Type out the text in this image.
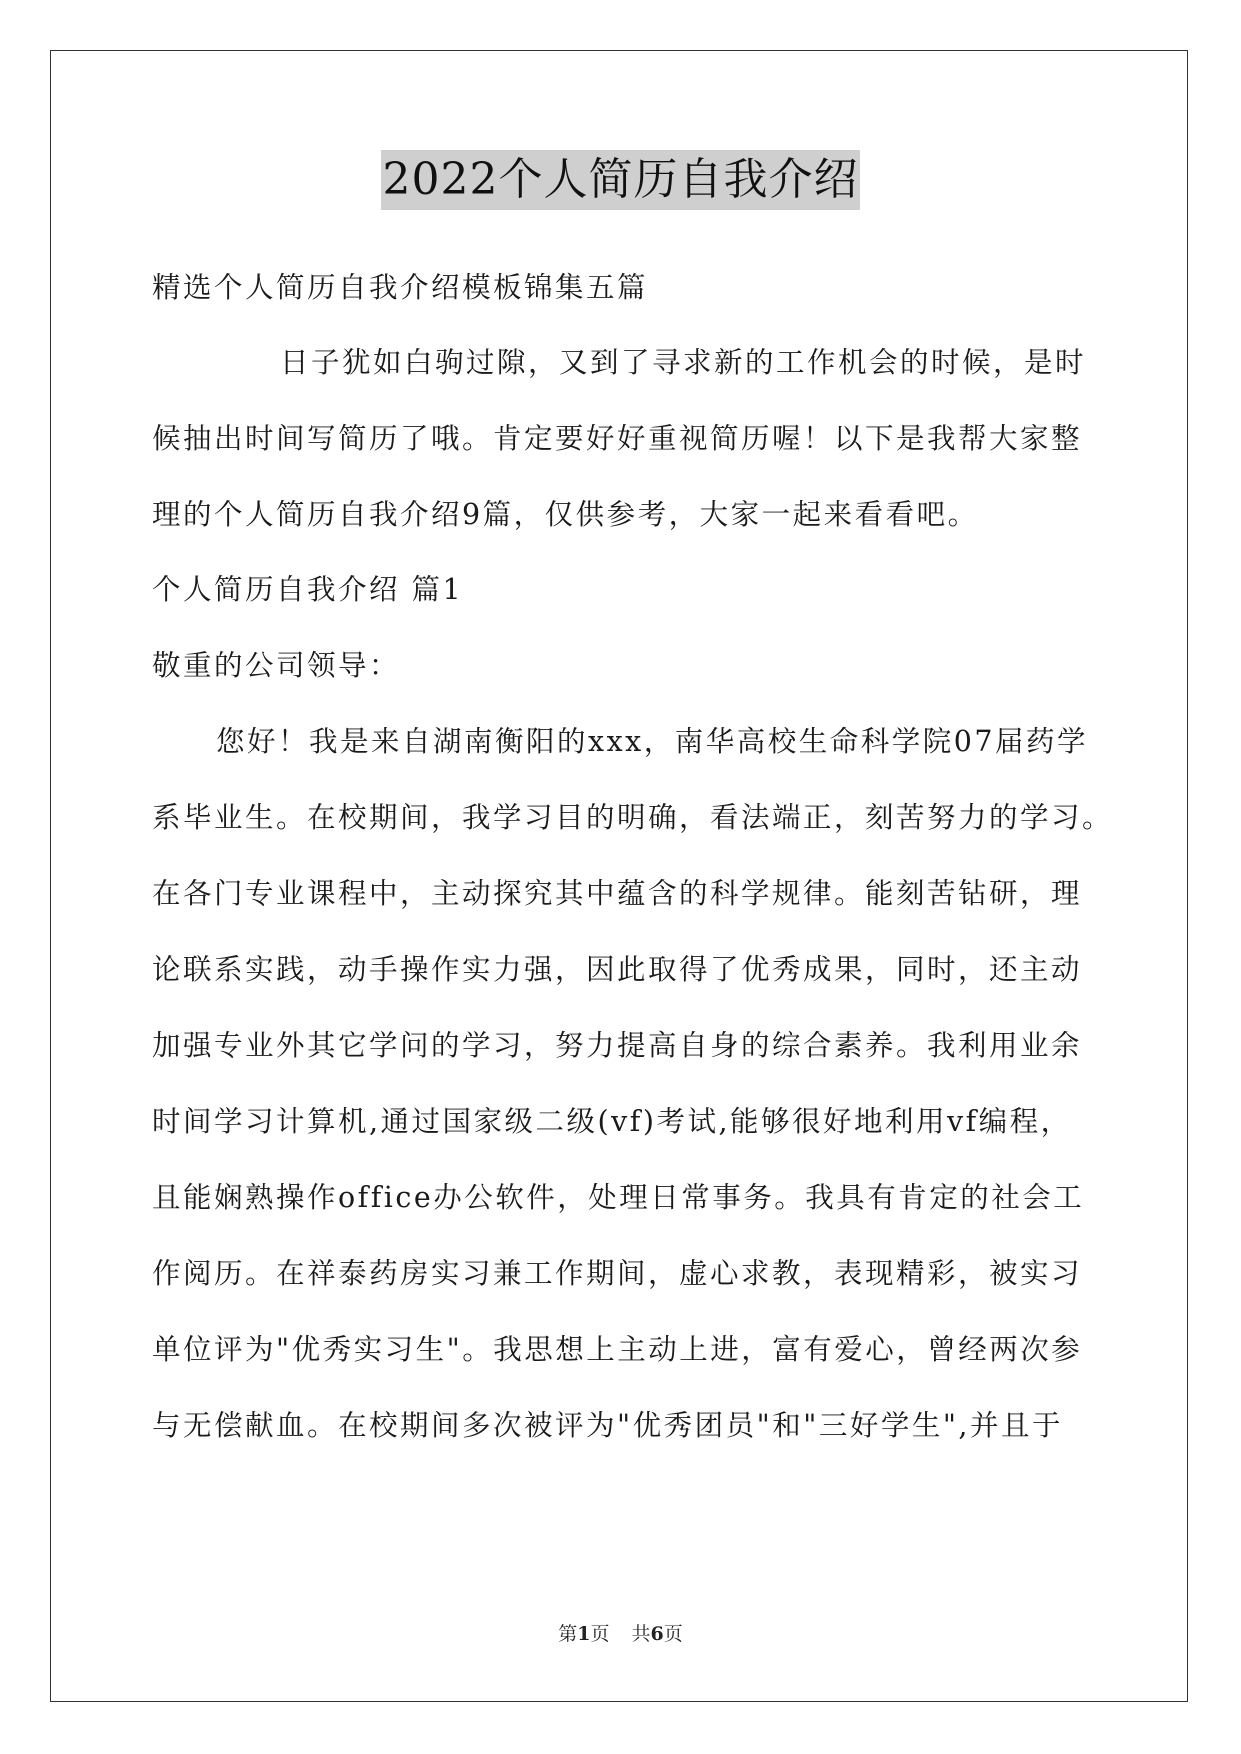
2022个人简历自我介绍
精选个人简历自我介绍模板锦集五篇
日子犹如白驹过隙，又到了寻求新的工作机会的时候，是时
候抽出时间写简历了哦。肯定要好好重视简历喔！以下是我帮大家整
理的个人简历自我介绍9篇，仅供参考，大家一起来看看吧。
个人简历自我介绍 篇1
敬重的公司领导：
您好！我是来自湖南衡阳的xxx，南华高校生命科学院07届药学
系毕业生。在校期间，我学习目的明确，看法端正，刻苦努力的学习。
在各门专业课程中，主动探究其中蕴含的科学规律。能刻苦钻研，理
论联系实践，动手操作实力强，因此取得了优秀成果，同时，还主动
加强专业外其它学问的学习，努力提高自身的综合素养。我利用业余
时间学习计算机,通过国家级二级(vf)考试,能够很好地利用vf编程，
且能娴熟操作office办公软件，处理日常事务。我具有肯定的社会工
作阅历。在祥泰药房实习兼工作期间，虚心求教，表现精彩，被实习
单位评为"优秀实习生"。我思想上主动上进，富有爱心，曾经两次参
与无偿献血。在校期间多次被评为"优秀团员"和"三好学生",并且于
第1页 共6页
